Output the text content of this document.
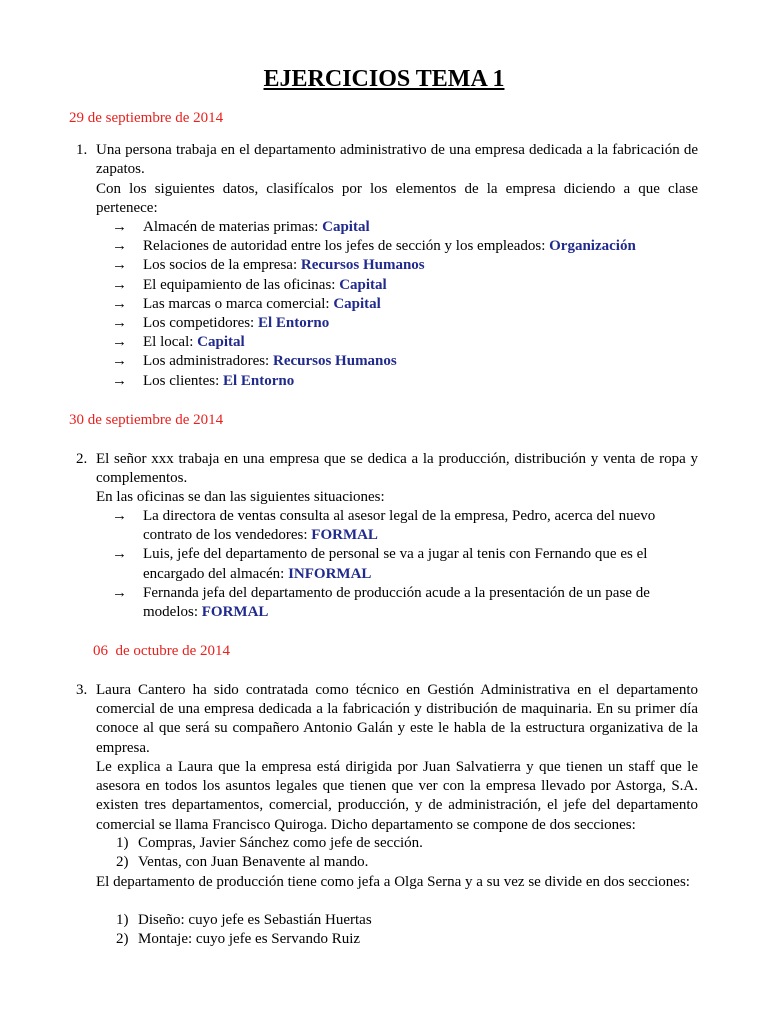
EJERCICIOS TEMA 1
29 de septiembre de 2014
1. Una persona trabaja en el departamento administrativo de una empresa dedicada a la fabricación de zapatos.

Con los siguientes datos, clasifícalos por los elementos de la empresa diciendo a que clase pertenece:

→ Almacén de materias primas: Capital
→ Relaciones de autoridad entre los jefes de sección y los empleados: Organización
→ Los socios de la empresa: Recursos Humanos
→ El equipamiento de las oficinas: Capital
→ Las marcas o marca comercial: Capital
→ Los competidores: El Entorno
→ El local: Capital
→ Los administradores: Recursos Humanos
→ Los clientes: El Entorno
30 de septiembre de 2014
2. El señor xxx trabaja en una empresa que se dedica a la producción, distribución y venta de ropa y complementos.

En las oficinas se dan las siguientes situaciones:

→ La directora de ventas consulta al asesor legal de la empresa, Pedro, acerca del nuevo contrato de los vendedores: FORMAL
→ Luis, jefe del departamento de personal se va a jugar al tenis con Fernando que es el encargado del almacén: INFORMAL
→ Fernanda jefa del departamento de producción acude a la presentación de un pase de modelos: FORMAL
06  de octubre de 2014
3. Laura Cantero ha sido contratada como técnico en Gestión Administrativa en el departamento comercial de una empresa dedicada a la fabricación y distribución de maquinaria. En su primer día conoce al que será su compañero Antonio Galán y este le habla de la estructura organizativa de la empresa.

Le explica a Laura que la empresa está dirigida por Juan Salvatierra y que tienen un staff que le asesora en todos los asuntos legales que tienen que ver con la empresa llevado por Astorga, S.A. existen tres departamentos, comercial, producción, y de administración, el jefe del departamento comercial se llama Francisco Quiroga. Dicho departamento se compone de dos secciones:

1) Compras, Javier Sánchez como jefe de sección.
2) Ventas, con Juan Benavente al mando.

El departamento de producción tiene como jefa a Olga Serna y a su vez se divide en dos secciones:

1) Diseño: cuyo jefe es Sebastián Huertas
2) Montaje: cuyo jefe es Servando Ruiz
